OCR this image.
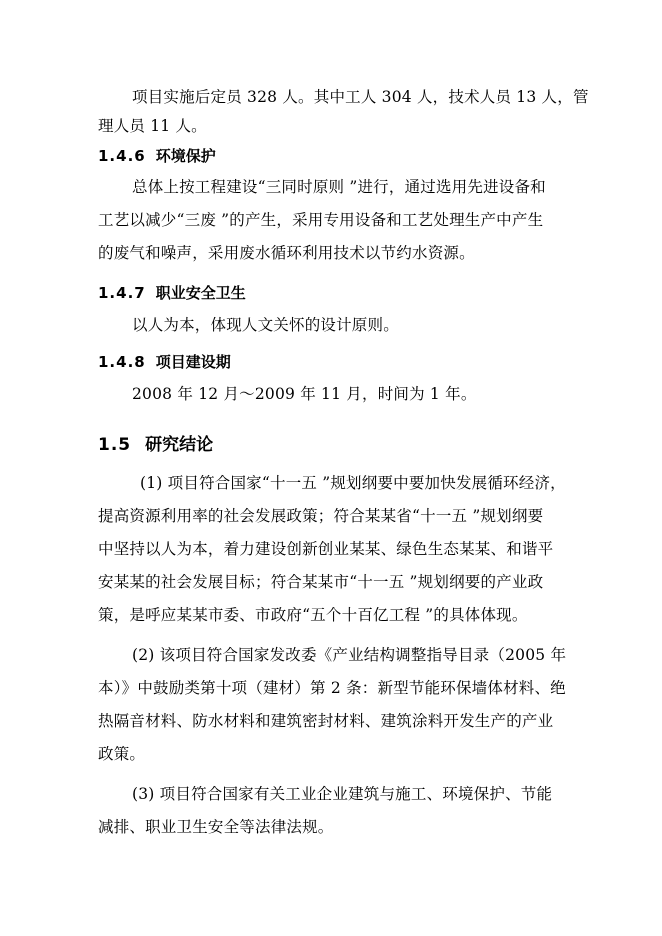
项目实施后定员 328 人。其中工人 304 人，技术人员 13 人，管
理人员 11 人。
1.4.6 环境保护
总体上按工程建设“三同时原则 ”进行，通过选用先进设备和
工艺以减少“三废 ”的产生，采用专用设备和工艺处理生产中产生
的废气和噪声，采用废水循环利用技术以节约水资源。
1.4.7 职业安全卫生
以人为本，体现人文关怀的设计原则。
1.4.8 项目建设期
2008 年 12 月～2009 年 11 月，时间为 1 年。
1.5 研究结论
(1) 项目符合国家“十一五 ”规划纲要中要加快发展循环经济，
提高资源利用率的社会发展政策；符合某某省“十一五 ”规划纲要
中坚持以人为本，着力建设创新创业某某、绿色生态某某、和谐平
安某某的社会发展目标；符合某某市“十一五 ”规划纲要的产业政
策，是呼应某某市委、市政府“五个十百亿工程 ”的具体体现。
(2) 该项目符合国家发改委《产业结构调整指导目录（2005 年
本）》中鼓励类第十项（建材）第 2 条：新型节能环保墙体材料、绝
热隔音材料、防水材料和建筑密封材料、建筑涂料开发生产的产业
政策。
(3) 项目符合国家有关工业企业建筑与施工、环境保护、节能
减排、职业卫生安全等法律法规。
